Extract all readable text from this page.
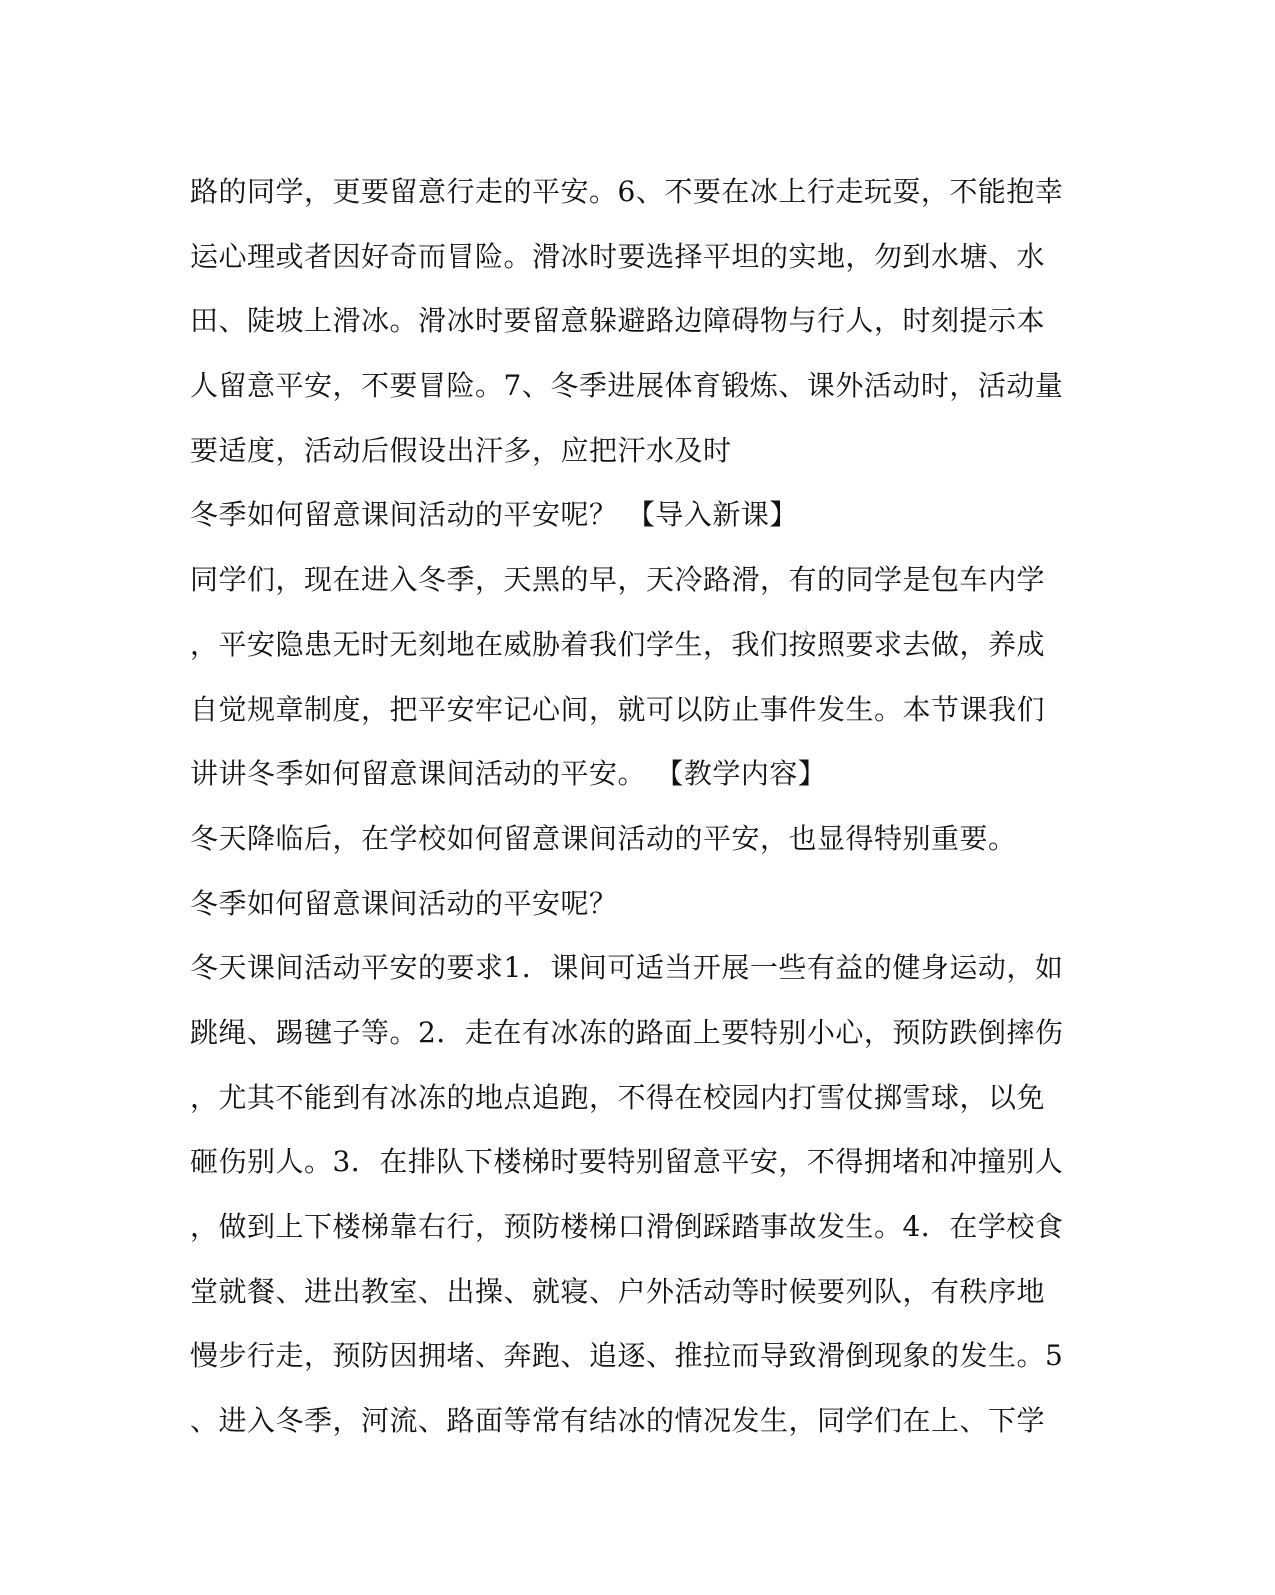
路的同学，更要留意行走的平安。6、不要在冰上行走玩耍，不能抱幸
运心理或者因好奇而冒险。滑冰时要选择平坦的实地，勿到水塘、水
田、陡坡上滑冰。滑冰时要留意躲避路边障碍物与行人，时刻提示本
人留意平安，不要冒险。7、冬季进展体育锻炼、课外活动时，活动量
要适度，活动后假设出汗多，应把汗水及时
冬季如何留意课间活动的平安呢？ 【导入新课】
同学们，现在进入冬季，天黑的早，天冷路滑，有的同学是包车内学
，平安隐患无时无刻地在威胁着我们学生，我们按照要求去做，养成
自觉规章制度，把平安牢记心间，就可以防止事件发生。本节课我们
讲讲冬季如何留意课间活动的平安。 【教学内容】
冬天降临后，在学校如何留意课间活动的平安，也显得特别重要。
冬季如何留意课间活动的平安呢？
冬天课间活动平安的要求1．课间可适当开展一些有益的健身运动，如
跳绳、踢毽子等。2．走在有冰冻的路面上要特别小心，预防跌倒摔伤
，尤其不能到有冰冻的地点追跑，不得在校园内打雪仗掷雪球，以免
砸伤别人。3．在排队下楼梯时要特别留意平安，不得拥堵和冲撞别人
，做到上下楼梯靠右行，预防楼梯口滑倒踩踏事故发生。4．在学校食
堂就餐、进出教室、出操、就寝、户外活动等时候要列队，有秩序地
慢步行走，预防因拥堵、奔跑、追逐、推拉而导致滑倒现象的发生。5
、进入冬季，河流、路面等常有结冰的情况发生，同学们在上、下学
